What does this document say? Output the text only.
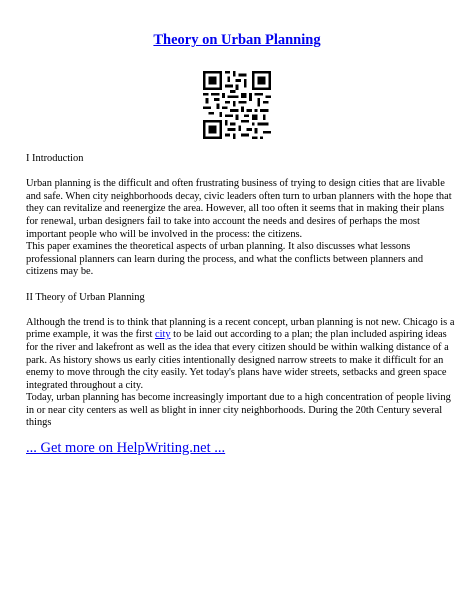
Theory on Urban Planning

I Introduction

Urban planning is the difficult and often frustrating business of trying to design cities that are livable and safe. When city neighborhoods decay, civic leaders often turn to urban planners with the hope that they can revitalize and reenergize the area. However, all too often it seems that in making their plans for renewal, urban designers fail to take into account the needs and desires of perhaps the most important people who will be involved in the process: the citizens.
This paper examines the theoretical aspects of urban planning. It also discusses what lessons professional planners can learn during the process, and what the conflicts between planners and citizens may be.

II Theory of Urban Planning

Although the trend is to think that planning is a recent concept, urban planning is not new. Chicago is a prime example, it was the first city to be laid out according to a plan; the plan included aspiring ideas for the river and lakefront as well as the idea that every citizen should be within walking distance of a park. As history shows us early cities intentionally designed narrow streets to make it difficult for an enemy to move through the city easily. Yet today's plans have wider streets, setbacks and green space integrated throughout a city.
Today, urban planning has become increasingly important due to a high concentration of people living in or near city centers as well as blight in inner city neighborhoods. During the 20th Century several things

... Get more on HelpWriting.net ...
